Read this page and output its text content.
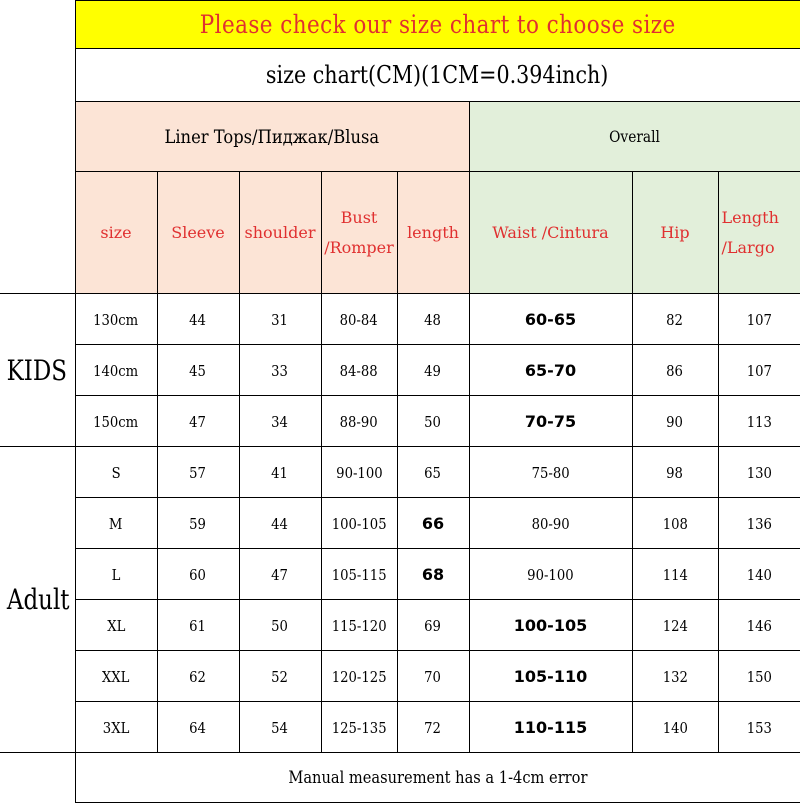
	Please check our size chart to choose size							
	size chart(CM)(1CM=0.394inch)							
	Liner Tops/Пиджак/Blusa					Overall		
	size	Sleeve	shoulder	Bust /Romper	length	Waist /Cintura	Hip	Length /Largo
KIDS	130cm	44	31	80-84	48	60-65	82	107
	140cm	45	33	84-88	49	65-70	86	107
	150cm	47	34	88-90	50	70-75	90	113
Adult	S	57	41	90-100	65	75-80	98	130
	M	59	44	100-105	66	80-90	108	136
	L	60	47	105-115	68	90-100	114	140
	XL	61	50	115-120	69	100-105	124	146
	XXL	62	52	120-125	70	105-110	132	150
	3XL	64	54	125-135	72	110-115	140	153
	Manual measurement has a 1-4cm error							
